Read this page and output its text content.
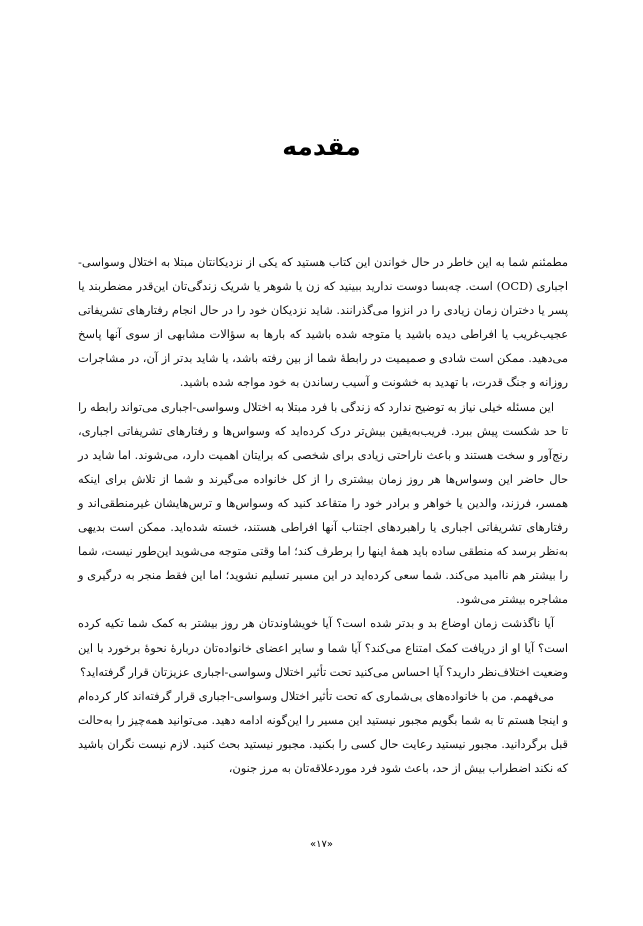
مقدمه

مطمئنم شما به این خاطر در حال خواندن این کتاب هستید که یکی از نزدیکانتان مبتلا به اختلال وسواسی-اجباری (OCD) است. چه‌بسا دوست ندارید ببینید که زن یا شوهر یا شریک زندگی‌تان این‌قدر مضطربند یا پسر یا دختران زمان زیادی را در انزوا می‌گذرانند. شاید نزدیکان خود را در حال انجام رفتارهای تشریفاتی عجیب‌غریب یا افراطی دیده باشید یا متوجه شده باشید که بارها به سؤالات مشابهی از سوی آنها پاسخ می‌دهید. ممکن است شادی و صمیمیت در رابطهٔ شما از بین رفته باشد، یا شاید بدتر از آن، در مشاجرات روزانه و جنگ قدرت، با تهدید به خشونت و آسیب رساندن به خود مواجه شده باشید.

این مسئله خیلی نیاز به توضیح ندارد که زندگی با فرد مبتلا به اختلال وسواسی-اجباری می‌تواند رابطه را تا حد شکست پیش ببرد. فریب‌به‌یقین بیش‌تر درک کرده‌اید که وسواس‌ها و رفتارهای تشریفاتی اجباری، رنج‌آور و سخت هستند و باعث ناراحتی زیادی برای شخصی که برایتان اهمیت دارد، می‌شوند. اما شاید در حال حاضر این وسواس‌ها هر روز زمان بیشتری را از کل خانواده می‌گیرند و شما از تلاش برای اینکه همسر، فرزند، والدین یا خواهر و برادر خود را متقاعد کنید که وسواس‌ها و ترس‌هایشان غیرمنطقی‌اند و رفتارهای تشریفاتی اجباری یا راهبردهای اجتناب آنها افراطی هستند، خسته شده‌اید. ممکن است بدیهی به‌نظر برسد که منطقی ساده باید همهٔ اینها را برطرف کند؛ اما وقتی متوجه می‌شوید این‌طور نیست، شما را بیشتر هم ناامید می‌کند. شما سعی کرده‌اید در این مسیر تسلیم نشوید؛ اما این فقط منجر به درگیری و مشاجره بیشتر می‌شود.

آیا ناگذشت زمان اوضاع بد و بدتر شده است؟ آیا خویشاوندتان هر روز بیشتر به کمک شما تکیه کرده است؟ آیا او از دریافت کمک امتناع می‌کند؟ آیا شما و سایر اعضای خانواده‌تان دربارهٔ نحوهٔ برخورد با این وضعیت اختلاف‌نظر دارید؟ آیا احساس می‌کنید تحت تأثیر اختلال وسواسی-اجباری عزیزتان قرار گرفته‌اید؟

می‌فهمم. من با خانواده‌های بی‌شماری که تحت تأثیر اختلال وسواسی-اجباری قرار گرفته‌اند کار کرده‌ام و اینجا هستم تا به شما بگویم مجبور نیستید این مسیر را این‌گونه ادامه دهید. می‌توانید همه‌چیز را به‌حالت قبل برگردانید. مجبور نیستید رعایت حال کسی را بکنید. مجبور نیستید بحث کنید. لازم نیست نگران باشید که نکند اضطراب بیش از حد، باعث شود فرد موردعلاقه‌تان به مرز جنون،

«۱۷»
